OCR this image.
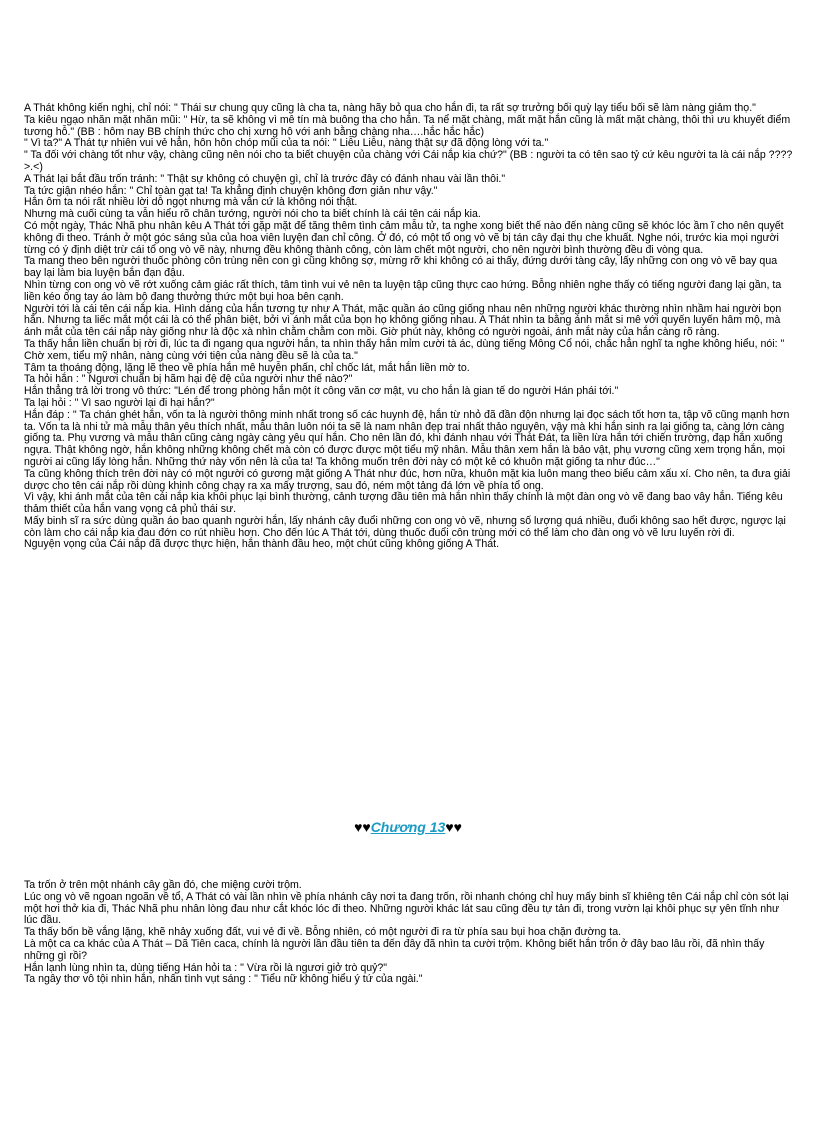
A Thát không kiến nghị, chỉ nói: " Thái sư chung quy cũng là cha ta, nàng hãy bỏ qua cho hắn đi, ta rất sợ trưởng bối quỳ lạy tiểu bối sẽ làm nàng giảm thọ."

Ta kiêu ngạo nhăn mặt nhăn mũi: " Hừ, ta sẽ không vì mê tín mà buông tha cho hắn. Ta nể mặt chàng, mất mặt hắn cũng là mất mặt chàng, thôi thì ưu khuyết điểm tương hỗ." (BB : hôm nay BB chính thức cho chị xưng hô với anh bằng chàng nha….hắc hắc hắc)

" Vì ta?" A Thát tự nhiên vui vẻ hẳn, hôn hôn chóp mũi của ta nói: " Liễu Liễu, nàng thật sự đã động lòng với ta."

" Ta đối với chàng tốt như vậy, chàng cũng nên nói cho ta biết chuyện của chàng với Cái nắp kia chứ?" (BB : người ta có tên sao tỷ cứ kêu người ta là cái nắp ???? >.<)

A Thát lại bắt đầu trốn tránh: " Thật sự không có chuyện gì, chỉ là trước đây có đánh nhau vài lần thôi."

Ta tức giận nhéo hắn: " Chỉ toàn gạt ta! Ta khẳng định chuyện không đơn giản như vậy."

Hắn ôm ta nói rất nhiều lời dỗ ngọt nhưng mà vẫn cứ là không nói thật.

Nhưng mà cuối cùng ta vẫn hiểu rõ chân tướng, người nói cho ta biết chính là cái tên cái nắp kia.

Có một ngày, Thác Nhã phu nhân kêu A Thát tới gặp mặt để tăng thêm tình cảm mẫu tử, ta nghe xong biết thế nào đến nàng cũng sẽ khóc lóc ầm ĩ cho nên quyết không đi theo. Tránh ở một góc sáng sủa của hoa viên luyện đan chỉ công. Ở đó, có một tổ ong vò vẽ bị tán cây đại thụ che khuất. Nghe nói, trước kia mọi người từng có ý định diệt trừ cái tổ ong vò vẽ này, nhưng đều không thành công, còn làm chết một người, cho nên người bình thường đều đi vòng qua.

Ta mang theo bên người thuốc phòng côn trùng nên con gì cũng không sợ, mừng rỡ khi không có ai thấy, đứng dưới tàng cây, lấy những con ong vò vẽ bay qua bay lại làm bia luyện bắn đạn đậu.

Nhìn từng con ong vò vẽ rớt xuống cảm giác rất thích, tâm tình vui vẻ nên ta luyện tập cũng thực cao hứng. Bỗng nhiên nghe thấy có tiếng người đang lại gần, ta liền kéo ống tay áo làm bộ đang thưởng thức một bụi hoa bên cạnh.

Người tới là cái tên cái nắp kia. Hình dáng của hắn tương tự như A Thát, mặc quần áo cũng giống nhau nên những người khác thường nhìn nhầm hai người bọn hắn. Nhưng ta liếc mắt một cái là có thể phân biệt, bởi vì ánh mắt của bọn họ không giống nhau. A Thát nhìn ta bằng ánh mắt si mê với quyến luyến hâm mộ, mà ánh mắt của tên cái nắp này giống như là độc xà nhìn chằm chằm con mồi. Giờ phút này, không có người ngoài, ánh mắt này của hắn càng rõ ràng.

Ta thấy hắn liền chuẩn bị rời đi, lúc ta đi ngang qua người hắn, ta nhìn thấy hắn mỉm cười tà ác, dùng tiếng Mông Cổ nói, chắc hẳn nghĩ ta nghe không hiểu, nói: " Chờ xem, tiểu mỹ nhân, nàng cùng với tiện của nàng đều sẽ là của ta."

Tâm ta thoáng động, lặng lẽ theo về phía hắn mê huyễn phấn, chỉ chốc lát, mắt hắn liền mờ to.

Ta hỏi hắn : " Ngươi chuẩn bị hãm hại đệ đệ của người như thế nào?"

Hắn thẳng trả lời trong vô thức: "Lén để trong phòng hắn một ít công văn cơ mật, vu cho hắn là gian tế do người Hán phái tới."

Ta lại hỏi : " Vì sao người lại đi hại hắn?"

Hắn đáp : " Ta chán ghét hắn, vốn ta là người thông minh nhất trong số các huynh đệ, hắn từ nhỏ đã đần độn nhưng lại đọc sách tốt hơn ta, tập võ cũng mạnh hơn ta. Vốn ta là nhi tử mà mẫu thân yêu thích nhất, mẫu thân luôn nói ta sẽ là nam nhân đẹp trai nhất thảo nguyên, vậy mà khi hắn sinh ra lại giống ta, càng lớn càng giống ta. Phụ vương và mẫu thân cũng càng ngày càng yêu quí hắn. Cho nên lần đó, khi đánh nhau với Thát Đát, ta liền lừa hắn tới chiến trường, đạp hắn xuống ngựa. Thật không ngờ, hắn không những không chết mà còn có được được một tiểu mỹ nhân. Mẫu thân xem hắn là bảo vật, phụ vương cũng xem trọng hắn, mọi người ai cũng lấy lòng hắn. Những thứ này vốn nên là của ta! Ta không muốn trên đời này có một kẻ có khuôn mặt giống ta như đúc…"

Ta cũng không thích trên đời này có một người có gương mặt giống A Thát như đúc, hơn nữa, khuôn mặt kia luôn mang theo biểu cảm xấu xí. Cho nên, ta đưa giải dược cho tên cái nắp rồi dùng khinh công chạy ra xa mấy trượng, sau đó, ném một tảng đá lớn về phía tổ ong.

Vì vậy, khi ánh mắt của tên cái nắp kia khôi phục lại bình thường, cảnh tượng đầu tiên mà hắn nhìn thấy chính là một đàn ong vò vẽ đang bao vây hắn. Tiếng kêu thảm thiết của hắn vang vọng cả phủ thái sư.

Mấy binh sĩ ra sức dùng quần áo bao quanh người hắn, lấy nhánh cây đuổi những con ong vò vẽ, nhưng số lượng quá nhiều, đuổi không sao hết được, ngược lại còn làm cho cái nắp kia đau đớn co rút nhiều hơn. Cho đến lúc A Thát tới, dùng thuốc đuổi côn trùng mới có thể làm cho đàn ong vò vẽ lưu luyến rời đi.

Nguyện vọng của Cái nắp đã được thực hiện, hắn thành đầu heo, một chút cũng không giống A Thát.

♥♥Chương 13♥♥

Ta trốn ở trên một nhánh cây gần đó, che miệng cười trộm.

Lúc ong vò vẽ ngoan ngoãn về tổ, A Thát có vài lần nhìn về phía nhánh cây nơi ta đang trốn, rồi nhanh chóng chỉ huy mấy binh sĩ khiêng tên Cái nắp chỉ còn sót lại một hơi thở kia đi, Thác Nhã phu nhân lòng đau như cắt khóc lóc đi theo. Những người khác lát sau cũng đều tự tản đi, trong vườn lại khôi phục sự yên tĩnh như lúc đầu.

Ta thấy bốn bề vắng lặng, khẽ nhảy xuống đất, vui vẻ đi về. Bỗng nhiên, có một người đi ra từ phía sau bụi hoa chặn đường ta.

Là một ca ca khác của A Thát – Dã Tiên caca, chính là người lần đầu tiên ta đến đây đã nhìn ta cười trộm. Không biết hắn trốn ở đây bao lâu rồi, đã nhìn thấy những gì rồi?

Hắn lạnh lùng nhìn ta, dùng tiếng Hán hỏi ta : " Vừa rồi là ngươi giở trò quỷ?"

Ta ngây thơ vô tội nhìn hắn, nhấn tình vụt sáng : " Tiểu nữ không hiểu ý tứ của ngài."
